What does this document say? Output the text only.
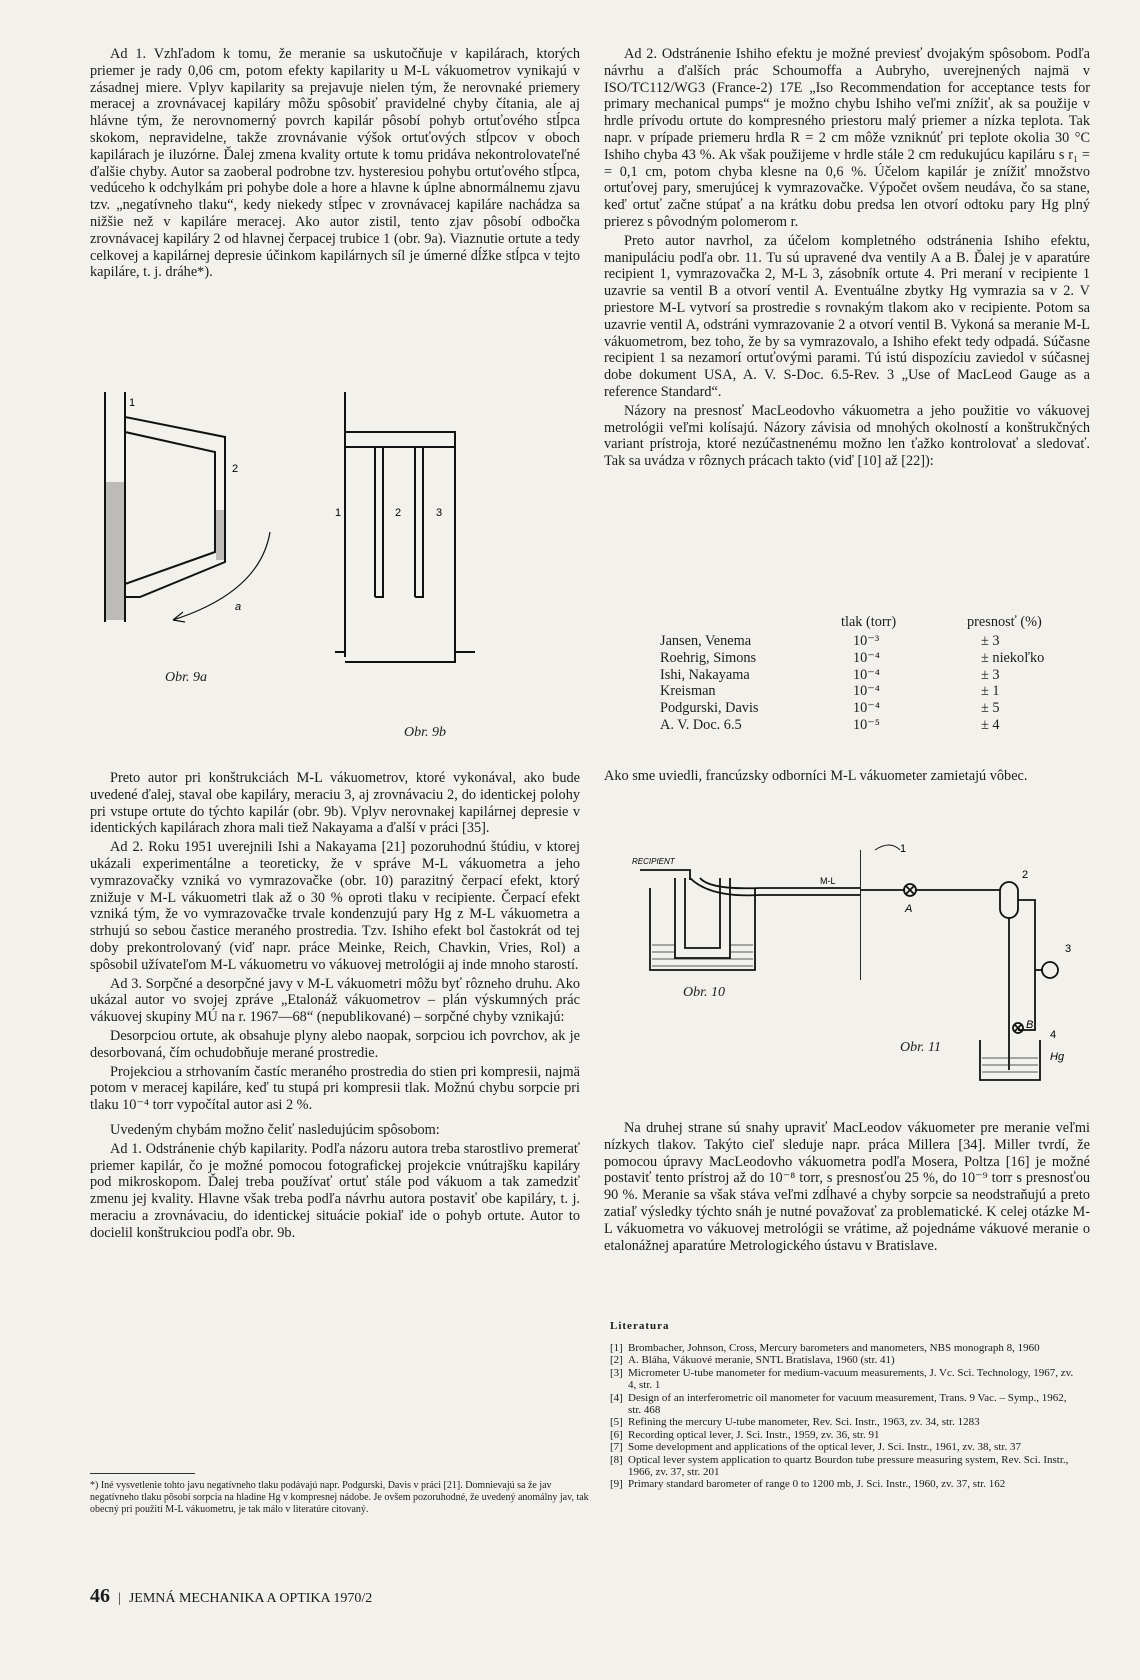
Ad 1. Vzhľadom k tomu, že meranie sa uskutočňuje v kapilárach, ktorých priemer je rady 0,06 cm, potom efekty kapilarity u M-L vákuometrov vynikajú v zásadnej miere. Vplyv kapilarity sa prejavuje nielen tým, že nerovnaké priemery meracej a zrovnávacej kapiláry môžu spôsobiť pravidelné chyby čítania, ale aj hlávne tým, že nerovnomerný povrch kapilár pôsobí pohyb ortuťového stĺpca skokom, nepravidelne, takže zrovnávanie výšok ortuťových stĺpcov v oboch kapilárach je iluzórne. Ďalej zmena kvality ortute k tomu pridáva nekontrolovateľné ďalšie chyby. Autor sa zaoberal podrobne tzv. hysteresiou pohybu ortuťového stĺpca, vedúceho k odchylkám pri pohybe dole a hore a hlavne k úplne abnormálnemu zjavu tzv. „negatívneho tlaku“, kedy niekedy stĺpec v zrovnávacej kapiláre nachádza sa nižšie než v kapiláre meracej. Ako autor zistil, tento zjav pôsobí odbočka zrovnávacej kapiláry 2 od hlavnej čerpacej trubice 1 (obr. 9a). Viaznutie ortute a tedy celkovej a kapilárnej depresie účinkom kapilárnych síl je úmerné dĺžke stĺpca v tejto kapiláre, t. j. dráhe*).

1
2
a
Obr. 9a
1	2	3
Obr. 9b

Preto autor pri konštrukciách M-L vákuometrov, ktoré vykonával, ako bude uvedené ďalej, staval obe kapiláry, meraciu 3, aj zrovnávaciu 2, do identickej polohy pri vstupe ortute do týchto kapilár (obr. 9b). Vplyv nerovnakej kapilárnej depresie v identických kapilárach zhora mali tiež Nakayama a ďalší v práci [35].

Ad 2. Roku 1951 uverejnili Ishi a Nakayama [21] pozoruhodnú štúdiu, v ktorej ukázali experimentálne a teoreticky, že v správe M-L vákuometra a jeho vymrazovačky vzniká vo vymrazovačke (obr. 10) parazitný čerpací efekt, ktorý znižuje v M-L vákuometri tlak až o 30 % oproti tlaku v recipiente. Čerpací efekt vzniká tým, že vo vymrazovačke trvale kondenzujú pary Hg z M-L vákuometra a strhujú so sebou častice meraného prostredia. Tzv. Ishiho efekt bol častokrát od tej doby prekontrolovaný (viď napr. práce Meinke, Reich, Chavkin, Vries, Rol) a spôsobil užívateľom M-L vákuometru vo vákuovej metrológii aj inde mnoho starostí.

Ad 3. Sorpčné a desorpčné javy v M-L vákuometri môžu byť rôzneho druhu. Ako ukázal autor vo svojej zpráve „Etalonáž vákuometrov – plán výskumných prác vákuovej skupiny MÚ na r. 1967—68“ (nepublikované) – sorpčné chyby vznikajú:

Desorpciou ortute, ak obsahuje plyny alebo naopak, sorpciou ich povrchov, ak je desorbovaná, čím ochudobňuje merané prostredie.

Projekciou a strhovaním častíc meraného prostredia do stien pri kompresii, najmä potom v meracej kapiláre, keď tu stupá pri kompresii tlak. Možnú chybu sorpcie pri tlaku 10⁻⁴ torr vypočítal autor asi 2 %.

Uvedeným chybám možno čeliť nasledujúcim spôsobom:

Ad 1. Odstránenie chýb kapilarity. Podľa názoru autora treba starostlivo premerať priemer kapilár, čo je možné pomocou fotografickej projekcie vnútrajšku kapiláry pod mikroskopom. Ďalej treba používať ortuť stále pod vákuom a tak zamedziť zmenu jej kvality. Hlavne však treba podľa návrhu autora postaviť obe kapiláry, t. j. meraciu a zrovnávaciu, do identickej situácie pokiaľ ide o pohyb ortute. Autor to docielil konštrukciou podľa obr. 9b.

Ad 2. Odstránenie Ishiho efektu je možné previesť dvojakým spôsobom. Podľa návrhu a ďalších prác Schoumoffa a Aubryho, uverejnených najmä v ISO/TC112/WG3 (France-2) 17E „Iso Recommendation for acceptance tests for primary mechanical pumps“ je možno chybu Ishiho veľmi znížiť, ak sa použije v hrdle prívodu ortute do kompresného priestoru malý priemer a nízka teplota. Tak napr. v prípade priemeru hrdla R = 2 cm môže vzniknúť pri teplote okolia 30 °C Ishiho chyba 43 %. Ak však použijeme v hrdle stále 2 cm redukujúcu kapiláru s r₁ = = 0,1 cm, potom chyba klesne na 0,6 %. Účelom kapilár je znížiť množstvo ortuťovej pary, smerujúcej k vymrazovačke. Výpočet ovšem neudáva, čo sa stane, keď ortuť začne stúpať a na krátku dobu predsa len otvorí odtoku pary Hg plný prierez s pôvodným polomerom r.

Preto autor navrhol, za účelom kompletného odstránenia Ishiho efektu, manipuláciu podľa obr. 11. Tu sú upravené dva ventily A a B. Ďalej je v aparatúre recipient 1, vymrazovačka 2, M-L 3, zásobník ortute 4. Pri meraní v recipiente 1 uzavrie sa ventil B a otvorí ventil A. Eventuálne zbytky Hg vymrazia sa v 2. V priestore M-L vytvorí sa prostredie s rovnakým tlakom ako v recipiente. Potom sa uzavrie ventil A, odstráni vymrazovanie 2 a otvorí ventil B. Vykoná sa meranie M-L vákuometrom, bez toho, že by sa vymrazovalo, a Ishiho efekt tedy odpadá. Súčasne recipient 1 sa nezamorí ortuťovými parami. Tú istú dispozíciu zaviedol v súčasnej dobe dokument USA, A. V. S-Doc. 6.5-Rev. 3 „Use of MacLeod Gauge as a reference Standard“.

Názory na presnosť MacLeodovho vákuometra a jeho použitie vo vákuovej metrológii veľmi kolísajú. Názory závisia od mnohých okolností a konštrukčných variant prístroja, ktoré nezúčastnenému možno len ťažko kontrolovať a sledovať. Tak sa uvádza v rôznych prácach takto (viď [10] až [22]):

	tlak (torr)	presnosť (%)
Jansen, Venema	10⁻³	± 3
Roehrig, Simons	10⁻⁴	± niekoľko
Ishi, Nakayama	10⁻⁴	± 3
Kreisman	10⁻⁴	± 1
Podgurski, Davis	10⁻⁴	± 5
A. V. Doc. 6.5	10⁻⁵	± 4

Ako sme uviedli, francúzsky odborníci M-L vákuometer zamietajú vôbec.

RECIPIENT
M-L
Obr. 10
1
A
2
3
B
4
Hg
Obr. 11

Na druhej strane sú snahy upraviť MacLeodov vákuometer pre meranie veľmi nízkych tlakov. Takýto cieľ sleduje napr. práca Millera [34]. Miller tvrdí, že pomocou úpravy MacLeodovho vákuometra podľa Mosera, Poltza [16] je možné postaviť tento prístroj až do 10⁻⁸ torr, s presnosťou 25 %, do 10⁻⁹ torr s presnosťou 90 %. Meranie sa však stáva veľmi zdĺhavé a chyby sorpcie sa neodstraňujú a preto zatiaľ výsledky týchto snáh je nutné považovať za problematické. K celej otázke M-L vákuometra vo vákuovej metrológii se vrátime, až pojednáme vákuové meranie o etalonážnej aparatúre Metrologického ústavu v Bratislave.

Literatura
[1] Brombacher, Johnson, Cross, Mercury barometers and manometers, NBS monograph 8, 1960
[2] A. Bláha, Vákuové meranie, SNTL Bratislava, 1960 (str. 41)
[3] Micrometer U-tube manometer for medium-vacuum measurements, J. Vc. Sci. Technology, 1967, zv. 4, str. 1
[4] Design of an interferometric oil manometer for vacuum measurement, Trans. 9 Vac. – Symp., 1962, str. 468
[5] Refining the mercury U-tube manometer, Rev. Sci. Instr., 1963, zv. 34, str. 1283
[6] Recording optical lever, J. Sci. Instr., 1959, zv. 36, str. 91
[7] Some development and applications of the optical lever, J. Sci. Instr., 1961, zv. 38, str. 37
[8] Optical lever system application to quartz Bourdon tube pressure measuring system, Rev. Sci. Instr., 1966, zv. 37, str. 201
[9] Primary standard barometer of range 0 to 1200 mb, J. Sci. Instr., 1960, zv. 37, str. 162
*) Iné vysvetlenie tohto javu negatívneho tlaku podávajú napr. Podgurski, Davis v práci [21]. Domnievajú sa že jav negatívneho tlaku pôsobí sorpcia na hladine Hg v kompresnej nádobe. Je ovšem pozoruhodné, že uvedený anomálny jav, tak obecný pri použití M-L vákuometru, je tak málo v literatúre citovaný.
46 | JEMNÁ MECHANIKA A OPTIKA 1970/2
